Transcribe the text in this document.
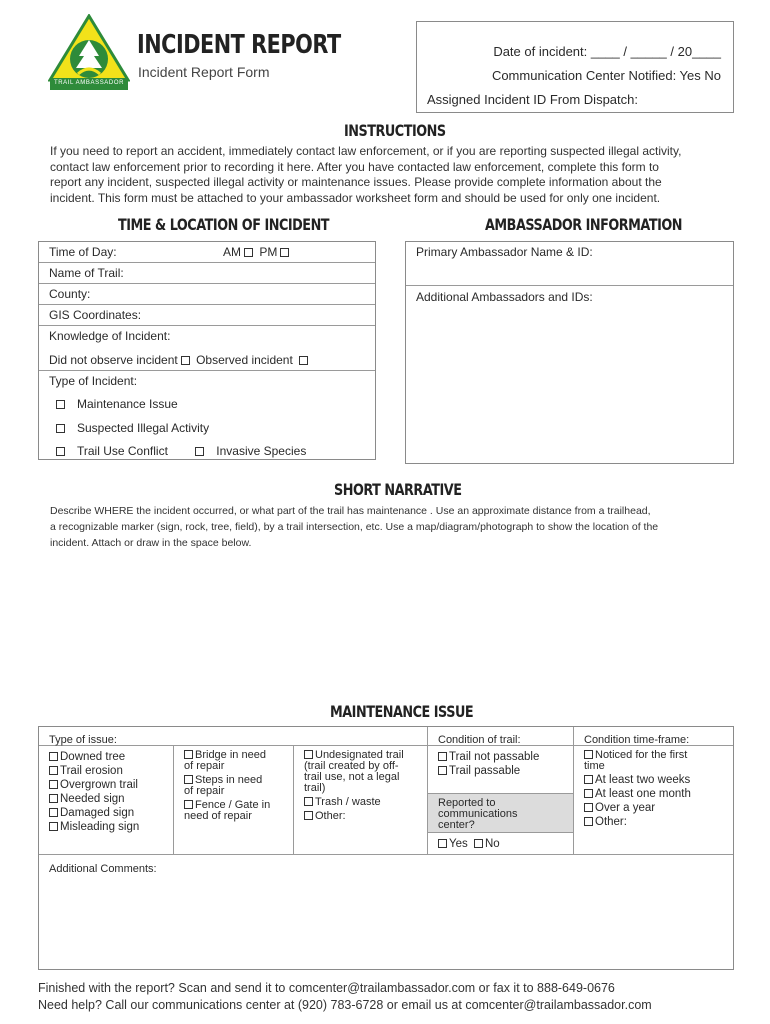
TRAIL AMBASSADOR
INCIDENT REPORT
Incident Report Form
Date of incident: ____ / _____ / 20____
Communication Center Notified: Yes No
Assigned Incident ID From Dispatch:
INSTRUCTIONS
If you need to report an accident, immediately contact law enforcement, or if you are reporting suspected illegal activity,
contact law enforcement prior to recording it here. After you have contacted law enforcement, complete this form to
report any incident, suspected illegal activity or maintenance issues. Please provide complete information about the
incident. This form must be attached to your ambassador worksheet form and should be used for only one incident.
TIME & LOCATION OF INCIDENT
Time of Day:	AM PM
Name of Trail:
County:
GIS Coordinates:
Knowledge of Incident:
Did not observe incident Observed incident
Type of Incident:
Maintenance Issue
Suspected Illegal Activity
Trail Use Conflict	Invasive Species
AMBASSADOR INFORMATION
Primary Ambassador Name & ID:
Additional Ambassadors and IDs:
SHORT NARRATIVE
Describe WHERE the incident occurred, or what part of the trail has maintenance . Use an approximate distance from a trailhead,
a recognizable marker (sign, rock, tree, field), by a trail intersection, etc. Use a map/diagram/photograph to show the location of the
incident. Attach or draw in the space below.
MAINTENANCE ISSUE
Type of issue:
Downed tree
Trail erosion
Overgrown trail
Needed sign
Damaged sign
Misleading sign
Bridge in need
of repair
Steps in need
of repair
Fence / Gate in
need of repair
Undesignated trail
(trail created by off-
trail use, not a legal
trail)
Trash / waste
Other:
Condition of trail:
Trail not passable
Trail passable
Reported to
communications
center?
Yes No
Condition time-frame:
Noticed for the first
time
At least two weeks
At least one month
Over a year
Other:
Additional Comments:
Finished with the report? Scan and send it to comcenter@trailambassador.com or fax it to 888-649-0676
Need help? Call our communications center at (920) 783-6728 or email us at comcenter@trailambassador.com
